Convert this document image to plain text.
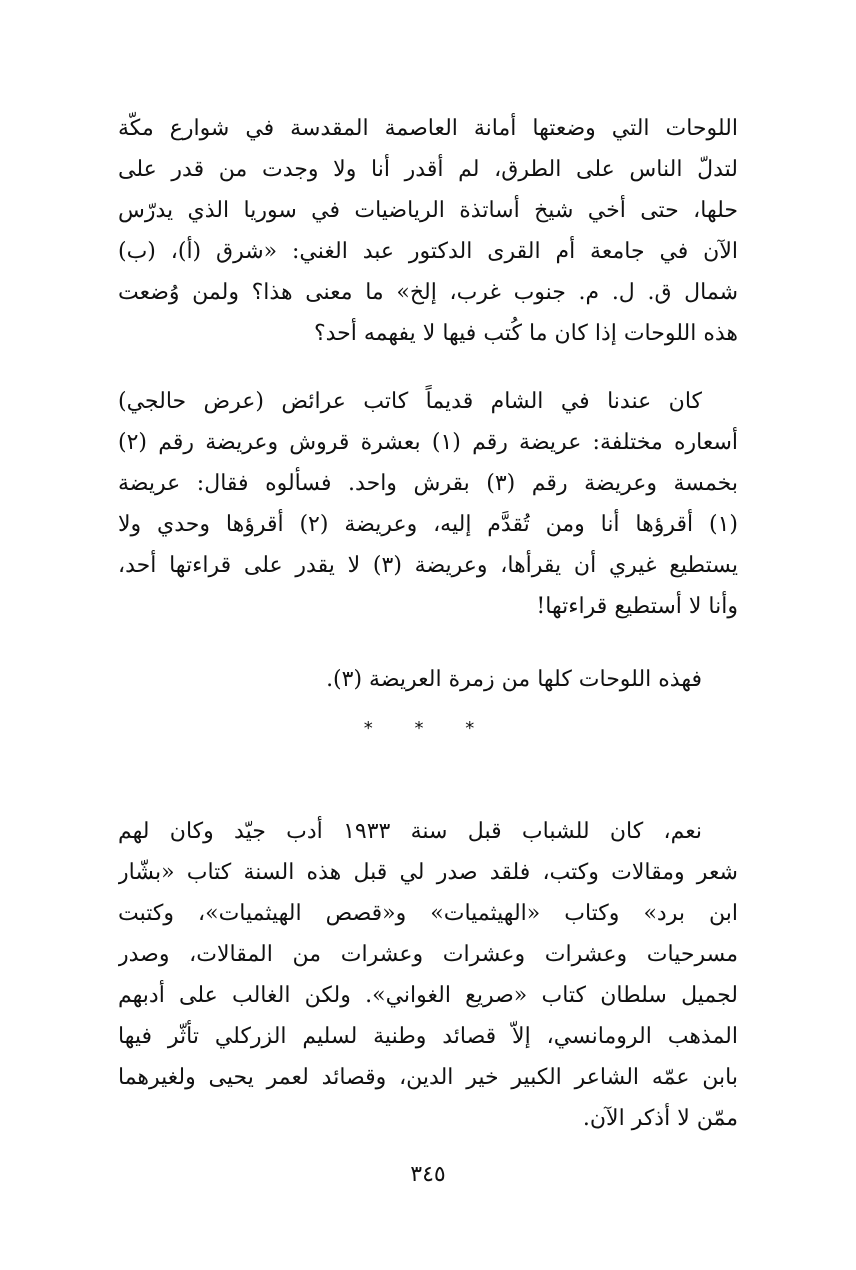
اللوحات التي وضعتها أمانة العاصمة المقدسة في شوارع مكّة
لتدلّ الناس على الطرق، لم أقدر أنا ولا وجدت من قدر على
حلها، حتى أخي شيخ أساتذة الرياضيات في سوريا الذي يدرّس
الآن في جامعة أم القرى الدكتور عبد الغني: «شرق (أ)، (ب)
شمال ق. ل. م. جنوب غرب، إلخ» ما معنى هذا؟ ولمن وُضعت
هذه اللوحات إذا كان ما كُتب فيها لا يفهمه أحد؟
كان عندنا في الشام قديماً كاتب عرائض (عرض حالجي)
أسعاره مختلفة: عريضة رقم (١) بعشرة قروش وعريضة رقم (٢)
بخمسة وعريضة رقم (٣) بقرش واحد. فسألوه فقال: عريضة
(١) أقرؤها أنا ومن تُقدَّم إليه، وعريضة (٢) أقرؤها وحدي ولا
يستطيع غيري أن يقرأها، وعريضة (٣) لا يقدر على قراءتها أحد،
وأنا لا أستطيع قراءتها!
فهذه اللوحات كلها من زمرة العريضة (٣).
* * *
نعم، كان للشباب قبل سنة ١٩٣٣ أدب جيّد وكان لهم
شعر ومقالات وكتب، فلقد صدر لي قبل هذه السنة كتاب «بشّار
ابن برد» وكتاب «الهيثميات» و«قصص الهيثميات»، وكتبت
مسرحيات وعشرات وعشرات وعشرات من المقالات، وصدر
لجميل سلطان كتاب «صريع الغواني». ولكن الغالب على أدبهم
المذهب الرومانسي، إلاّ قصائد وطنية لسليم الزركلي تأثّر فيها
بابن عمّه الشاعر الكبير خير الدين، وقصائد لعمر يحيى ولغيرهما
ممّن لا أذكر الآن.
٣٤٥
